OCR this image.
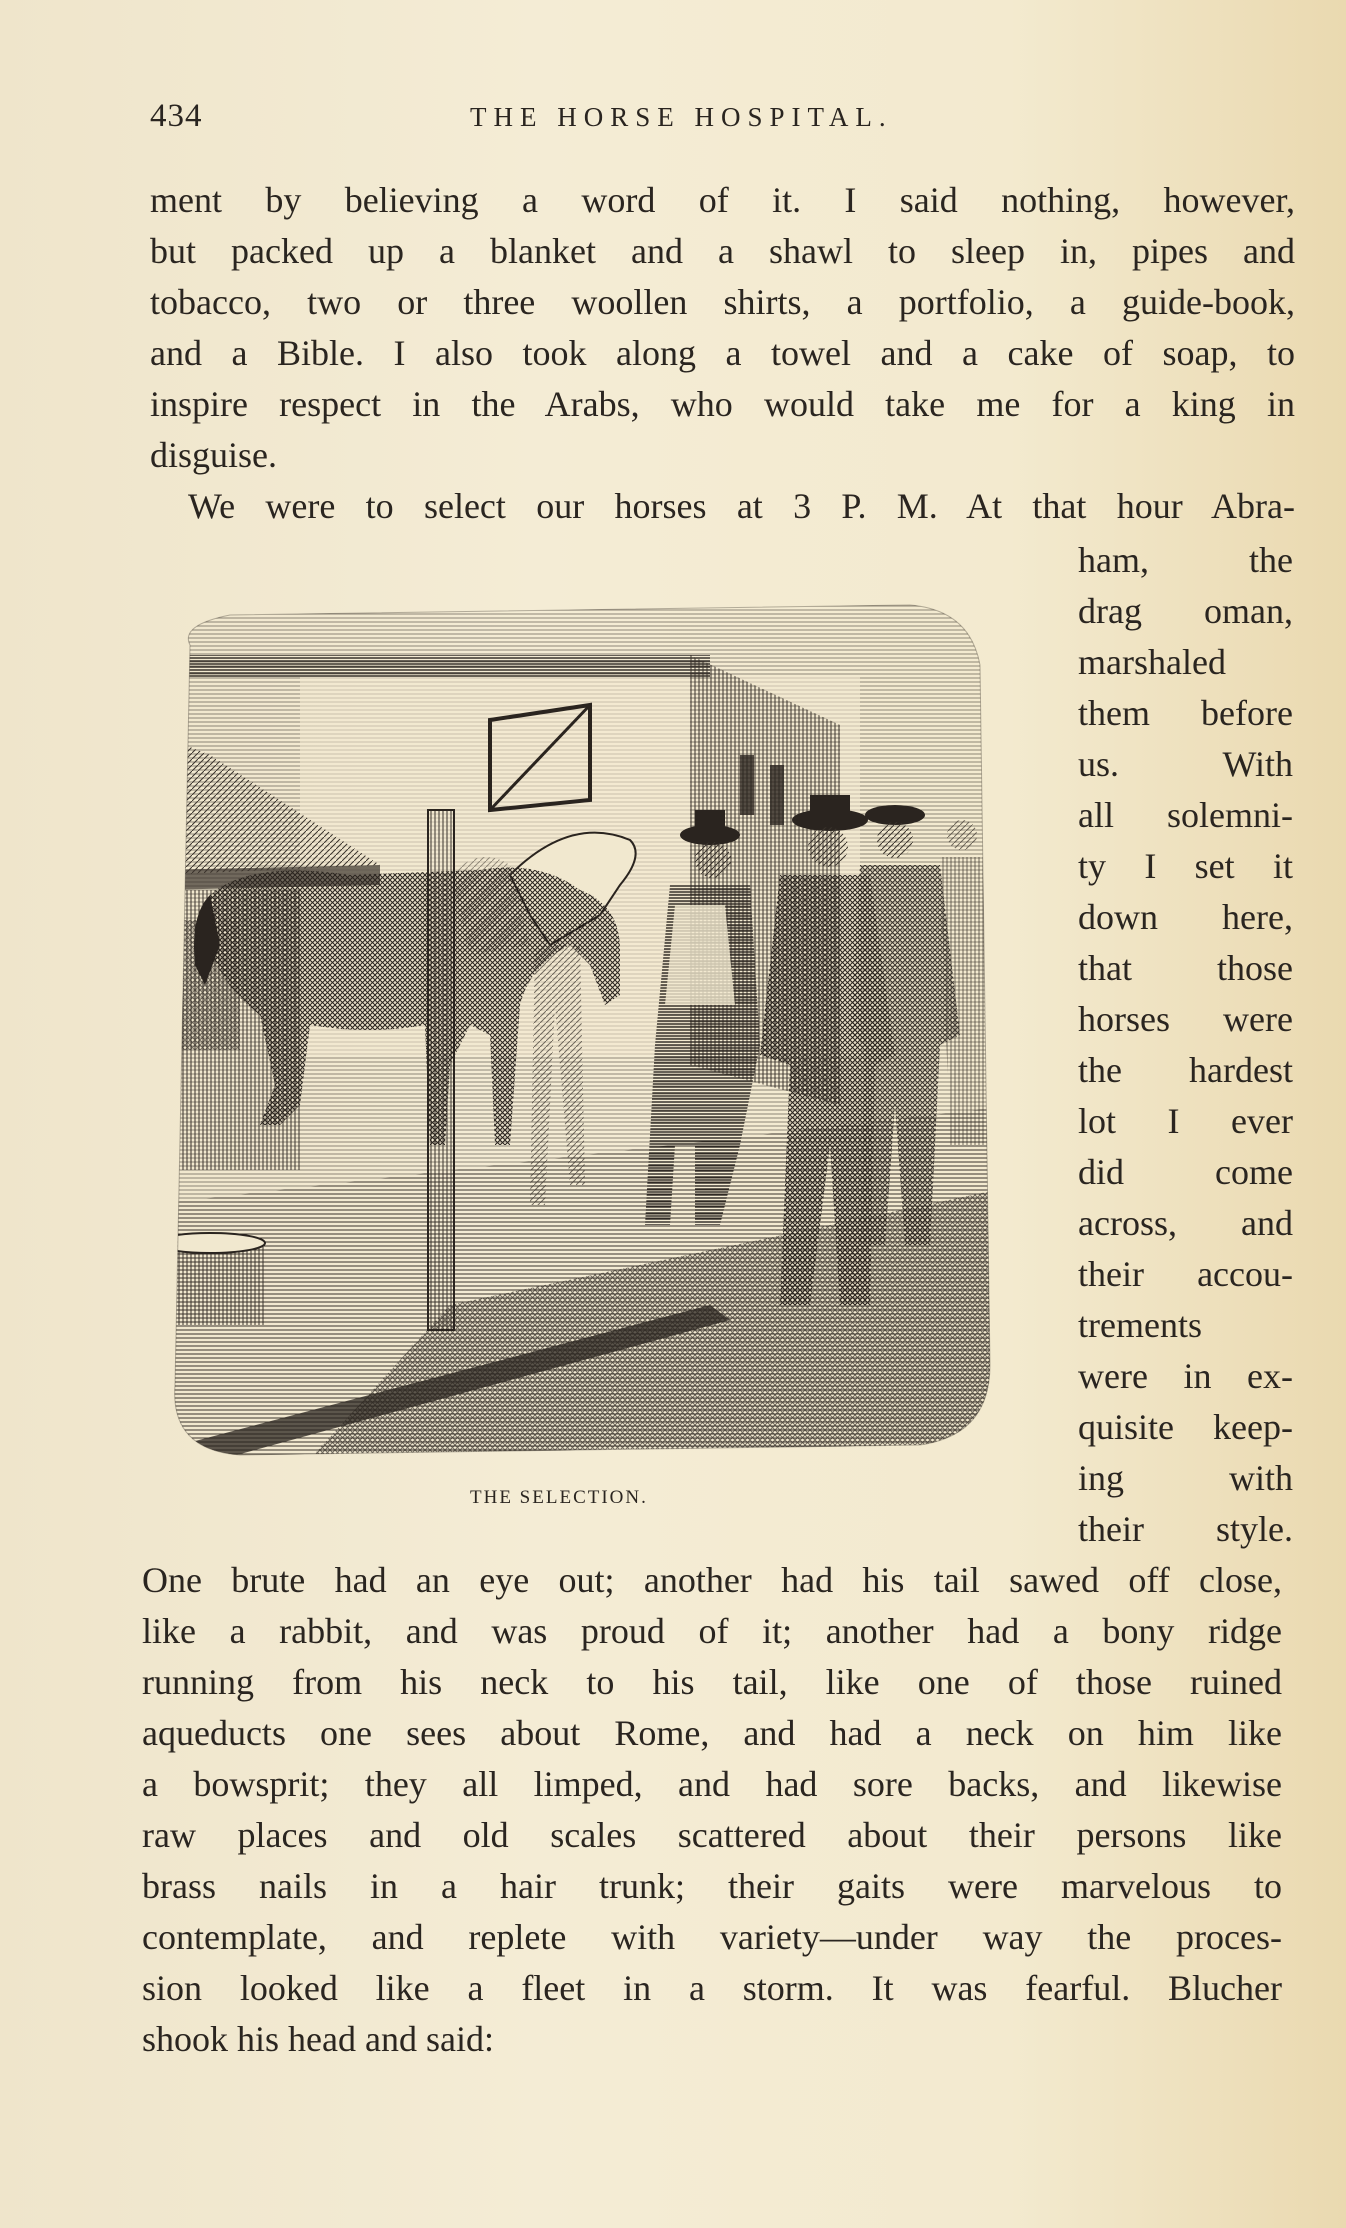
434	THE HORSE HOSPITAL.
ment by believing a word of it. I said nothing, however,
but packed up a blanket and a shawl to sleep in, pipes and
tobacco, two or three woollen shirts, a portfolio, a guide-book,
and a Bible. I also took along a towel and a cake of soap, to
inspire respect in the Arabs, who would take me for a king in
disguise.
We were to select our horses at 3 P. M. At that hour Abra-
ham, the
drag oman,
marshaled
them before
us. With
all solemni-
ty I set it
down here,
that those
horses were
the hardest
lot I ever
did come
across, and
their accou-
trements
were in ex-
quisite keep-
ing with
their style.
THE SELECTION.
One brute had an eye out; another had his tail sawed off close,
like a rabbit, and was proud of it; another had a bony ridge
running from his neck to his tail, like one of those ruined
aqueducts one sees about Rome, and had a neck on him like
a bowsprit; they all limped, and had sore backs, and likewise
raw places and old scales scattered about their persons like
brass nails in a hair trunk; their gaits were marvelous to
contemplate, and replete with variety—under way the proces-
sion looked like a fleet in a storm. It was fearful. Blucher
shook his head and said:
